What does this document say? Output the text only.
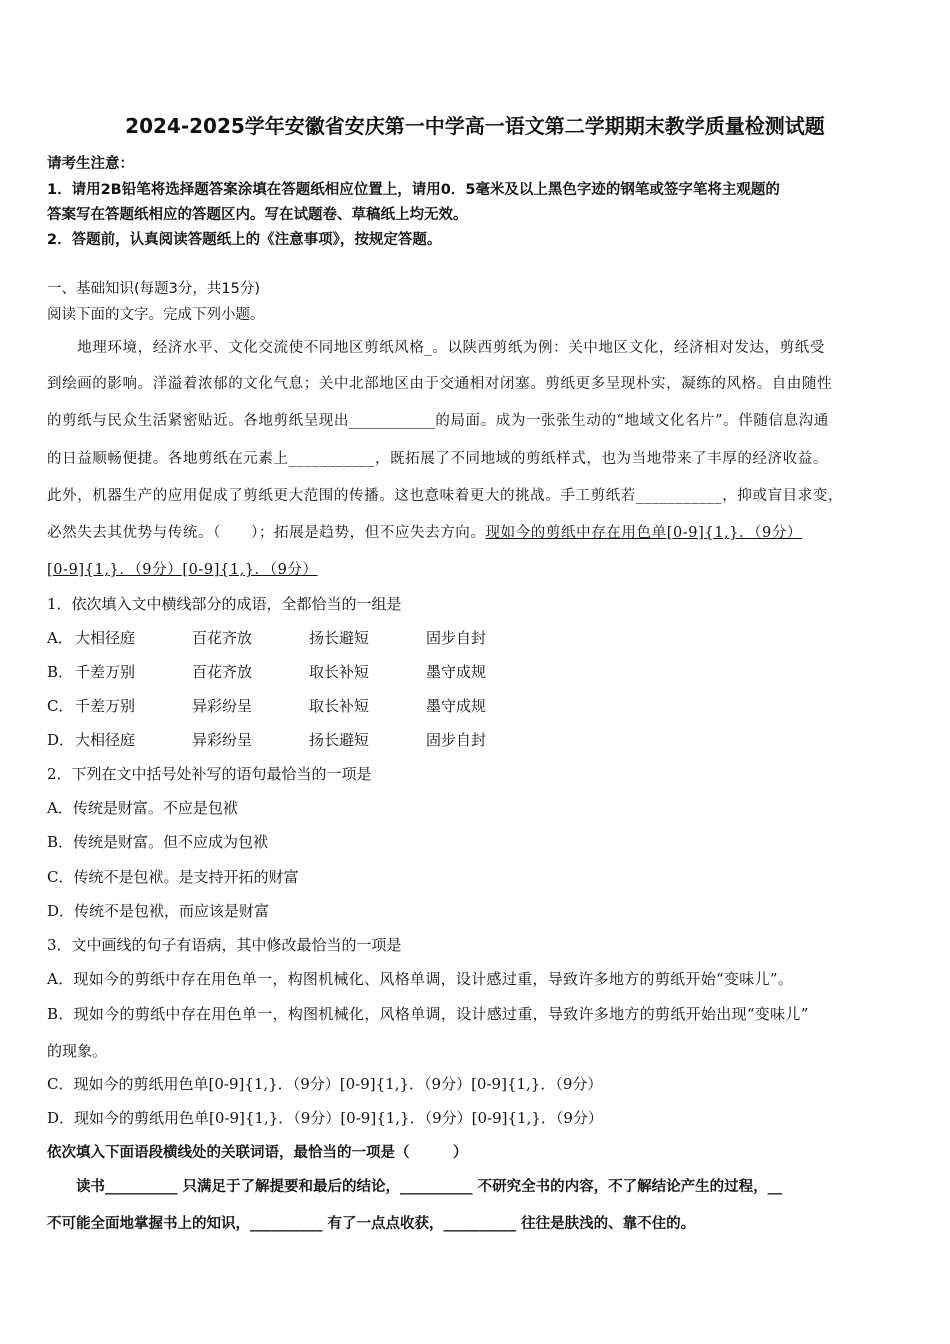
2024-2025学年安徽省安庆第一中学高一语文第二学期期末教学质量检测试题
请考生注意：
1．请用2B铅笔将选择题答案涂填在答题纸相应位置上，请用0．5毫米及以上黑色字迹的钢笔或签字笔将主观题的
答案写在答题纸相应的答题区内。写在试题卷、草稿纸上均无效。
2．答题前，认真阅读答题纸上的《注意事项》，按规定答题。
一、基础知识(每题3分，共15分)
阅读下面的文字。完成下列小题。
　　地理环境，经济水平、文化交流使不同地区剪纸风格_。以陕西剪纸为例：关中地区文化，经济相对发达，剪纸受
到绘画的影响。洋溢着浓郁的文化气息；关中北部地区由于交通相对闭塞。剪纸更多呈现朴实，凝练的风格。自由随性
的剪纸与民众生活紧密贴近。各地剪纸呈现出___________的局面。成为一张张生动的“地域文化名片”。伴随信息沟通
的日益顺畅便捷。各地剪纸在元素上___________，既拓展了不同地域的剪纸样式，也为当地带来了丰厚的经济收益。
此外，机器生产的应用促成了剪纸更大范围的传播。这也意味着更大的挑战。手工剪纸若___________，抑或盲目求变，
必然失去其优势与传统。（　　）；拓展是趋势，但不应失去方向。现如今的剪纸中存在用色单[0-9]{1,}．（9分）
[0-9]{1,}．（9分）[0-9]{1,}．（9分）
1．依次填入文中横线部分的成语，全都恰当的一组是
A． 大相径庭	百花齐放	扬长避短	固步自封
B． 千差万别	百花齐放	取长补短	墨守成规
C． 千差万别	异彩纷呈	取长补短	墨守成规
D． 大相径庭	异彩纷呈	扬长避短	固步自封
2．下列在文中括号处补写的语句最恰当的一项是
A．传统是财富。不应是包袱
B．传统是财富。但不应成为包袱
C．传统不是包袱。是支持开拓的财富
D．传统不是包袱，而应该是财富
3．文中画线的句子有语病，其中修改最恰当的一项是
A．现如今的剪纸中存在用色单一，构图机械化、风格单调，设计感过重，导致许多地方的剪纸开始“变味儿”。
B．现如今的剪纸中存在用色单一，构图机械化，风格单调，设计感过重，导致许多地方的剪纸开始出现“变味儿”
的现象。
C．现如今的剪纸用色单[0-9]{1,}．（9分）[0-9]{1,}．（9分）[0-9]{1,}．（9分）
D．现如今的剪纸用色单[0-9]{1,}．（9分）[0-9]{1,}．（9分）[0-9]{1,}．（9分）
依次填入下面语段横线处的关联词语，最恰当的一项是（　　　）
　　读书__________ 只满足于了解提要和最后的结论，__________ 不研究全书的内容，不了解结论产生的过程，__
不可能全面地掌握书上的知识，__________ 有了一点点收获，__________ 往往是肤浅的、靠不住的。
